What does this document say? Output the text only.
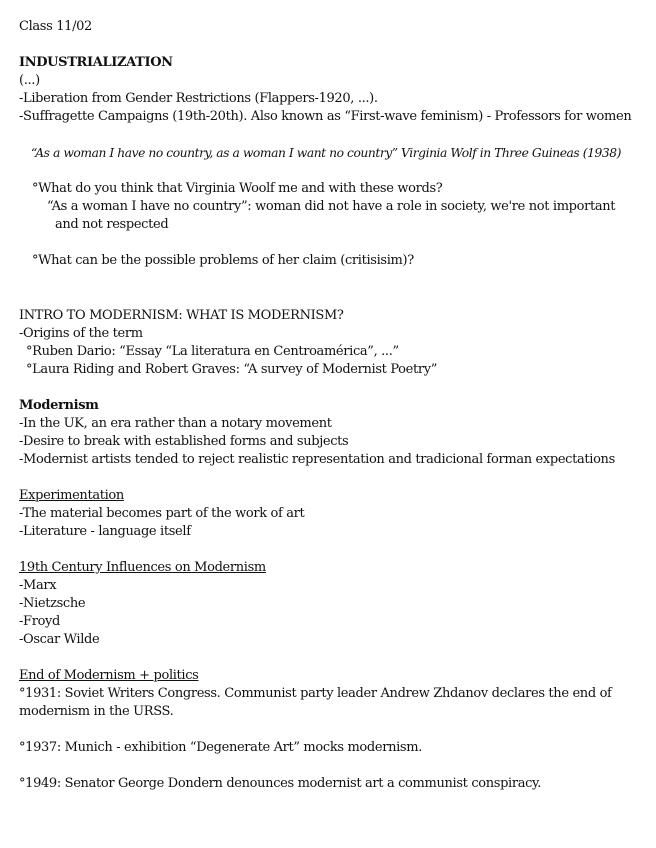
Class 11/02
INDUSTRIALIZATION
(...)
-Liberation from Gender Restrictions (Flappers-1920, ...).
-Suffragette Campaigns (19th-20th). Also known as “First-wave feminism) - Professors for women
“As a woman I have no country, as a woman I want no country” Virginia Wolf in Three Guineas (1938)
°What do you think that Virginia Woolf me and with these words?
“As a woman I have no country”: woman did not have a role in society, we're not important and not respected
°What can be the possible problems of her claim (critisisim)?
INTRO TO MODERNISM: WHAT IS MODERNISM?
-Origins of the term
°Ruben Dario: “Essay “La literatura en Centroamérica”, ...”
°Laura Riding and Robert Graves: “A survey of Modernist Poetry”
Modernism
-In the UK, an era rather than a notary movement
-Desire to break with established forms and subjects
-Modernist artists tended to reject realistic representation and tradicional forman expectations
Experimentation
-The material becomes part of the work of art
-Literature - language itself
19th Century Influences on Modernism
-Marx
-Nietzsche
-Froyd
-Oscar Wilde
End of Modernism + politics
°1931: Soviet Writers Congress. Communist party leader Andrew Zhdanov declares the end of modernism in the URSS.
°1937: Munich - exhibition “Degenerate Art” mocks modernism.
°1949: Senator George Dondern denounces modernist art a communist conspiracy.
